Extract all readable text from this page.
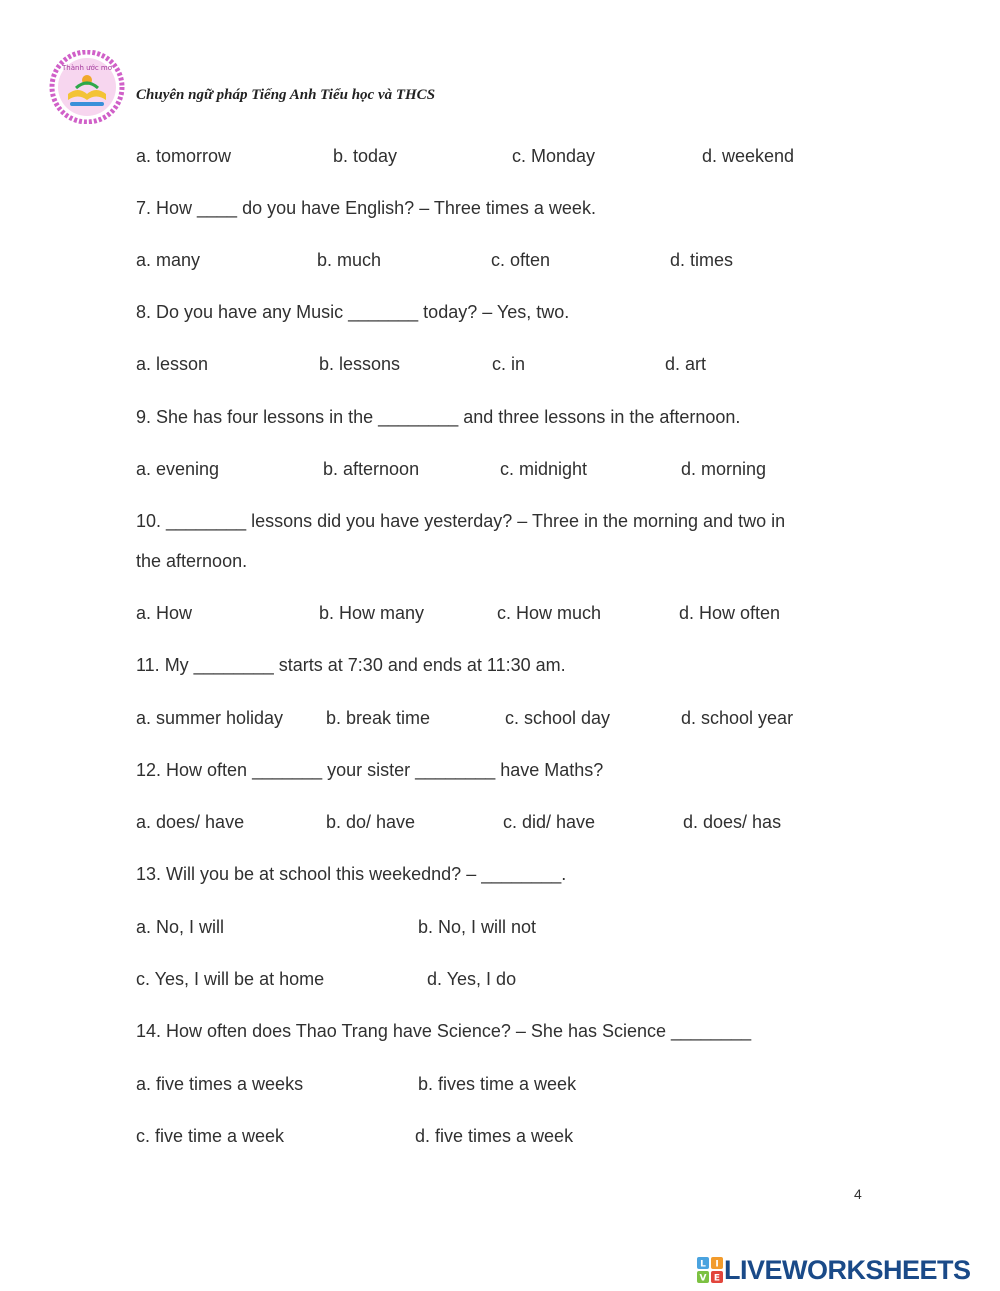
Thành ước mơ
Chuyên ngữ pháp Tiếng Anh Tiểu học và THCS
a. tomorrow	b. today	c. Monday	d. weekend
7. How ____ do you have English? – Three times a week.
a. many	b. much	c. often	d. times
8. Do you have any Music _______ today? – Yes, two.
a. lesson	b. lessons	c. in	d. art
9. She has four lessons in the ________ and three lessons in the afternoon.
a. evening	b. afternoon	c. midnight	d. morning
10. ________ lessons did you have yesterday? – Three in the morning and two in
the afternoon.
a. How	b. How many	c. How much	d. How often
11. My ________ starts at 7:30 and ends at 11:30 am.
a. summer holiday b. break time	c. school day	d. school year
12. How often _______ your sister ________ have Maths?
a. does/ have	b. do/ have	c. did/ have	d. does/ has
13. Will you be at school this weekednd? – ________.
a. No, I will	b. No, I will not
c. Yes, I will be at home	d. Yes, I do
14. How often does Thao Trang have Science? – She has Science ________
a. five times a weeks	b. fives time a week
c. five time a week	d. five times a week
4
L I
V E LIVEWORKSHEETS
